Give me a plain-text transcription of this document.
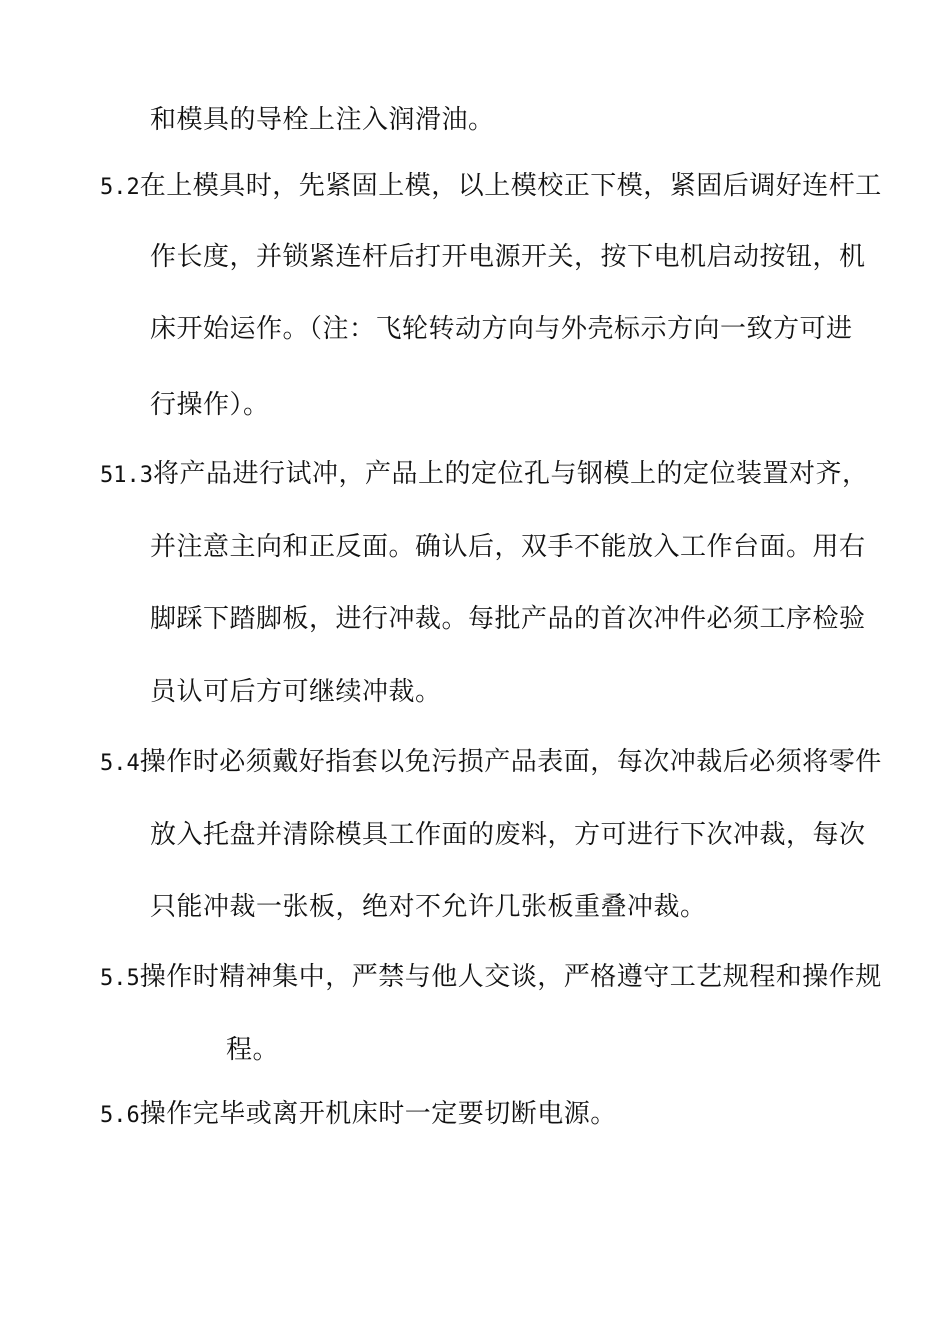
和模具的导栓上注入润滑油。
5.2在上模具时，先紧固上模，以上模校正下模，紧固后调好连杆工
作长度，并锁紧连杆后打开电源开关，按下电机启动按钮，机
床开始运作。（注：飞轮转动方向与外壳标示方向一致方可进
行操作）。
51.3将产品进行试冲，产品上的定位孔与钢模上的定位装置对齐，
并注意主向和正反面。确认后，双手不能放入工作台面。用右
脚踩下踏脚板，进行冲裁。每批产品的首次冲件必须工序检验
员认可后方可继续冲裁。
5.4操作时必须戴好指套以免污损产品表面，每次冲裁后必须将零件
放入托盘并清除模具工作面的废料，方可进行下次冲裁，每次
只能冲裁一张板，绝对不允许几张板重叠冲裁。
5.5操作时精神集中，严禁与他人交谈，严格遵守工艺规程和操作规
程。
5.6操作完毕或离开机床时一定要切断电源。
